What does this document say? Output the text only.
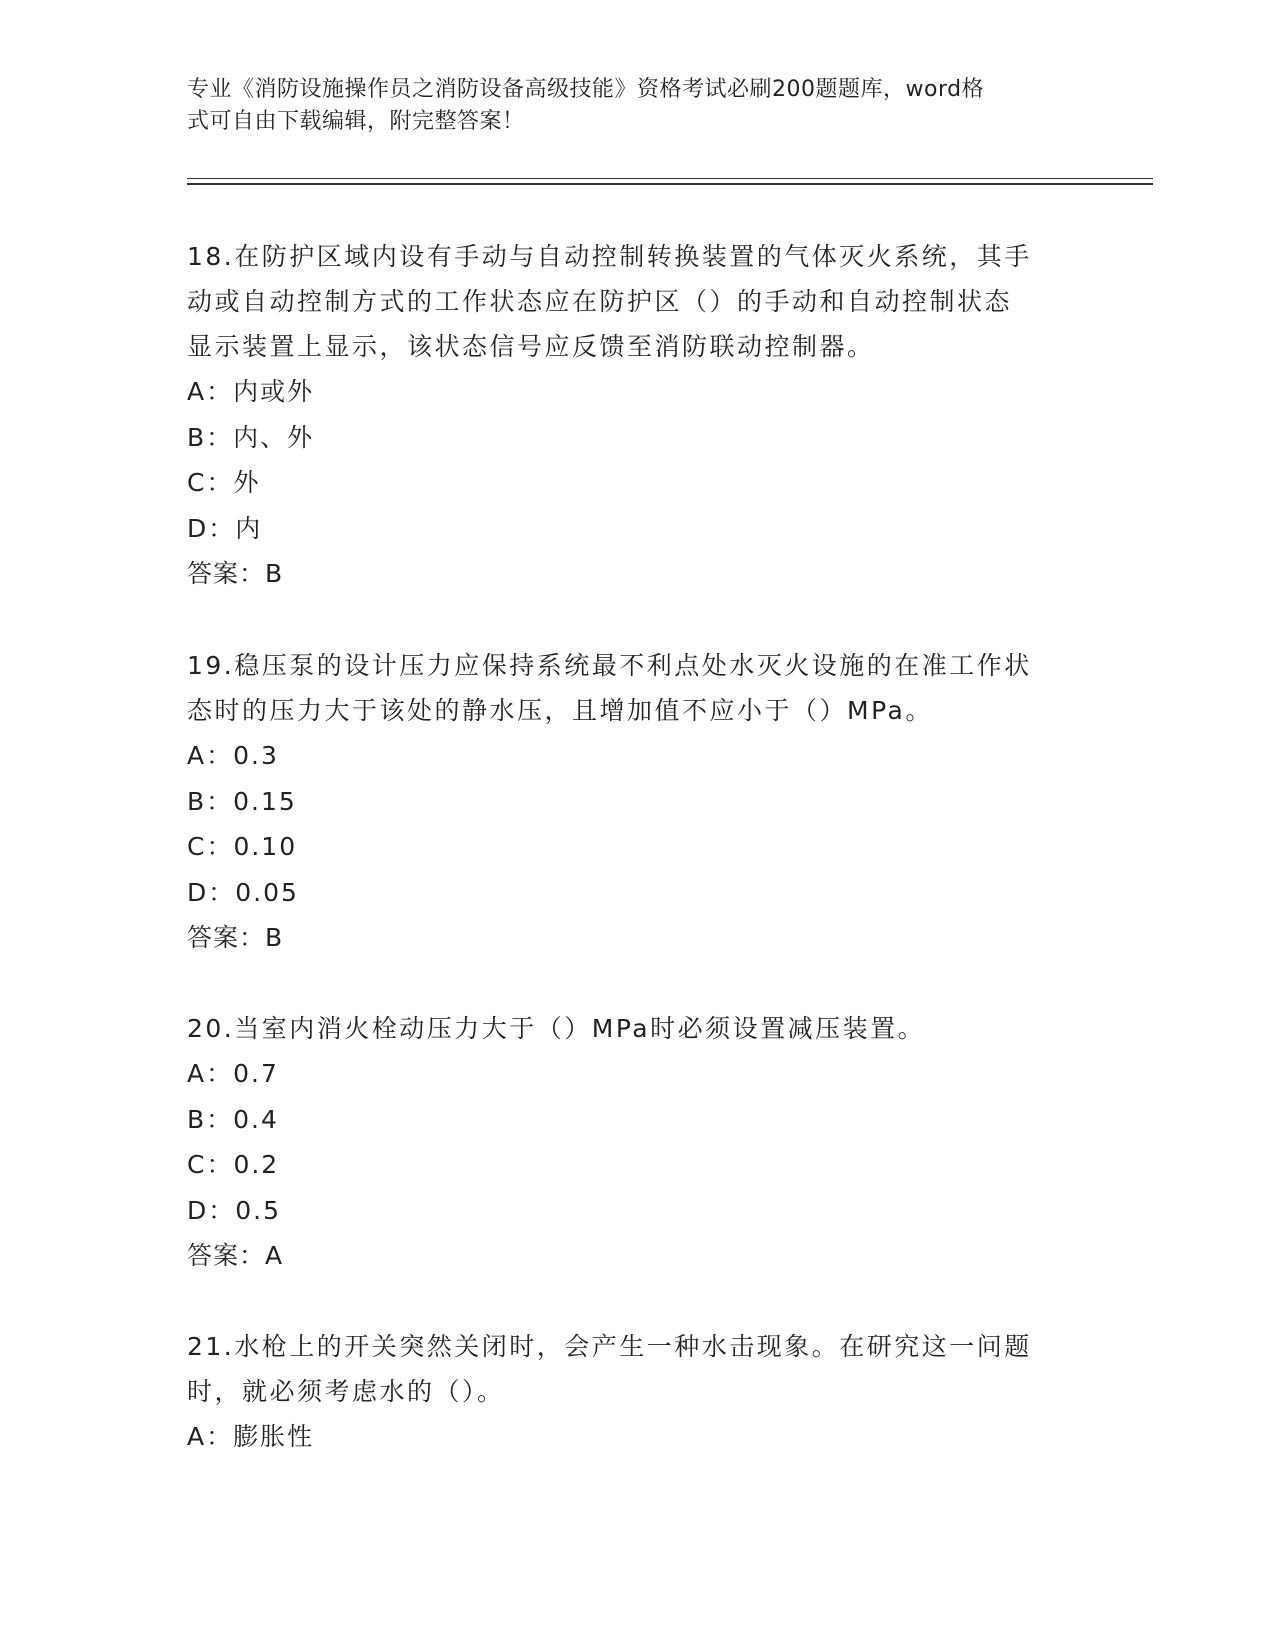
专业《消防设施操作员之消防设备高级技能》资格考试必刷200题题库，word格
式可自由下载编辑，附完整答案！

18.在防护区域内设有手动与自动控制转换装置的气体灭火系统，其手

动或自动控制方式的工作状态应在防护区（）的手动和自动控制状态

显示装置上显示，该状态信号应反馈至消防联动控制器。

A：内或外

B：内、外

C：外

D：内

答案：B

19.稳压泵的设计压力应保持系统最不利点处水灭火设施的在准工作状

态时的压力大于该处的静水压，且增加值不应小于（）MPa。

A：0.3

B：0.15

C：0.10

D：0.05

答案：B

20.当室内消火栓动压力大于（）MPa时必须设置减压装置。

A：0.7

B：0.4

C：0.2

D：0.5

答案：A

21.水枪上的开关突然关闭时，会产生一种水击现象。在研究这一问题

时，就必须考虑水的（）。

A：膨胀性
